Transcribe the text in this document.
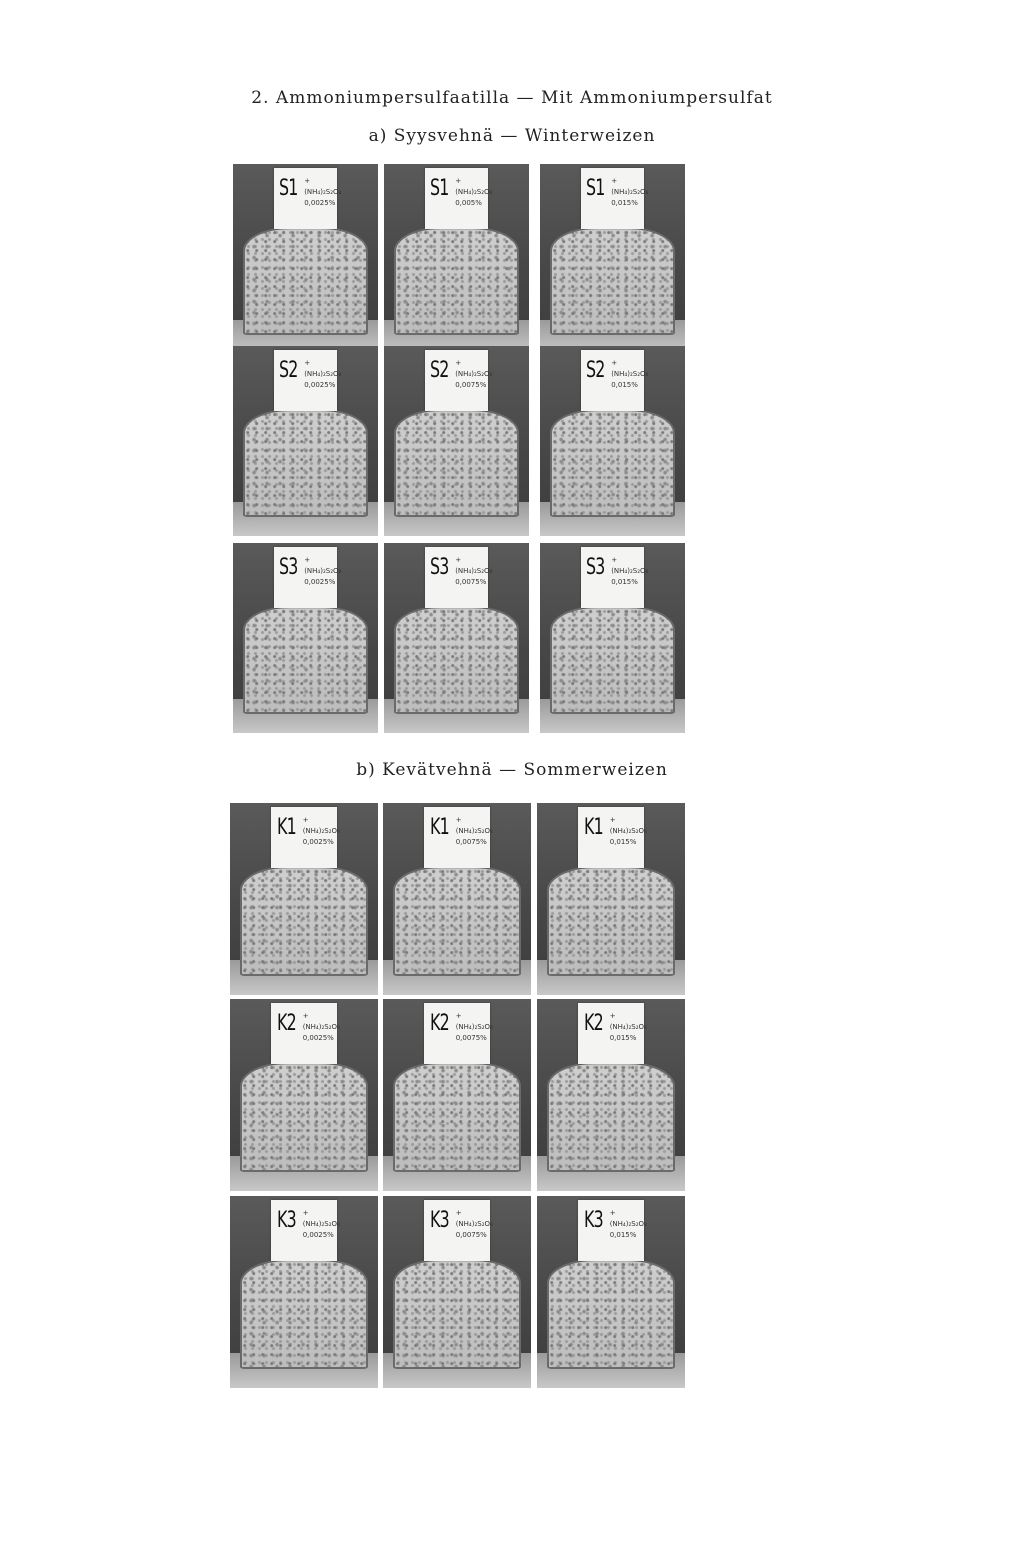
2. Ammoniumpersulfaatilla — Mit Ammoniumpersulfat
a) Syysvehnä — Winterweizen
S1 +(NH₄)₂S₂O₈
0,0025%
S1 +(NH₄)₂S₂O₈
0,005%
S1 +(NH₄)₂S₂O₈
0,015%
S2 +(NH₄)₂S₂O₈
0,0025%
S2 +(NH₄)₂S₂O₈
0,0075%
S2 +(NH₄)₂S₂O₈
0,015%
S3 +(NH₄)₂S₂O₈
0,0025%
S3 +(NH₄)₂S₂O₈
0,0075%
S3 +(NH₄)₂S₂O₈
0,015%
b) Kevätvehnä — Sommerweizen
K1 +(NH₄)₂S₂O₈
0,0025%
K1 +(NH₄)₂S₂O₈
0,0075%
K1 +(NH₄)₂S₂O₈
0,015%
K2 +(NH₄)₂S₂O₈
0,0025%
K2 +(NH₄)₂S₂O₈
0,0075%
K2 +(NH₄)₂S₂O₈
0,015%
K3 +(NH₄)₂S₂O₈
0,0025%
K3 +(NH₄)₂S₂O₈
0,0075%
K3 +(NH₄)₂S₂O₈
0,015%
